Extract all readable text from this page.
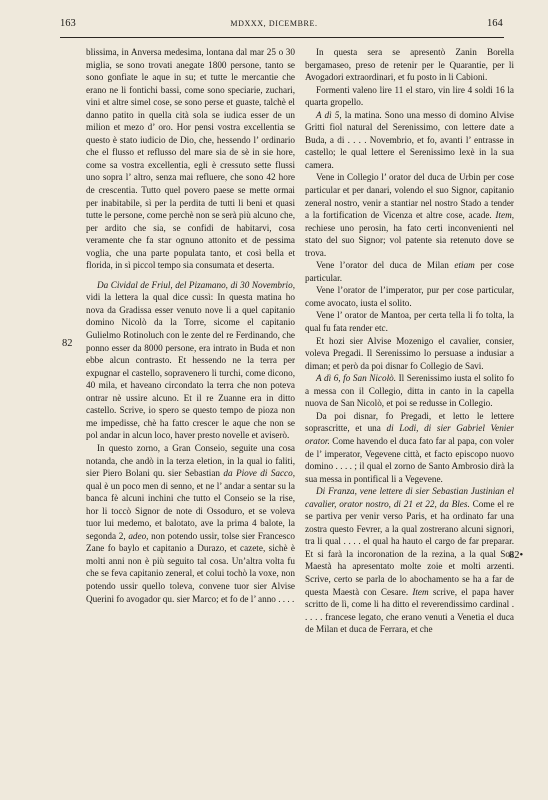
163	MDXXX, DICEMBRE.	164
82
82•

blissima, in Anversa medesima, lontana dal mar 25 o 30 miglia, se sono trovati anegate 1800 persone, tanto se sono gonfiate le aque in su; et tutte le mercantie che erano ne li fontichi bassi, come sono speciarie, zuchari, vini et altre simel cose, se sono perse et guaste, talchè el danno patito in quella cità sola se iudica esser de un milion et mezo d’ oro. Hor pensi vostra excellentia se questo è stato iudicio de Dio, che, hessendo l’ ordinario che el flusso et reflusso del mare sia de sè in sie hore, come sa vostra excellentia, egli è cressuto sette flussi uno sopra l’ altro, senza mai refluere, che sono 42 hore de crescentia. Tutto quel povero paese se mette ormai per inabitabile, sì per la perdita de tutti li beni et quasi tutte le persone, come perchè non se serà più alcuno che, per ardito che sia, se confidi de habitarvi, cosa veramente che fa star ognuno attonito et de pessima voglia, che una parte populata tanto, et così bella et florida, in sì piccol tempo sia consumata et deserta.

Da Cividal de Friul, del Pizamano, di 30 Novembrio, vidi la lettera la qual dice cussì: In questa matina ho nova da Gradissa esser venuto nove li a quel capitanio domino Nicolò da la Torre, sicome el capitanio Gulielmo Rotinoluch con le zente del re Ferdinando, che ponno esser da 8000 persone, era intrato in Buda et non ebbe alcun contrasto. Et hessendo ne la terra per expugnar el castello, sopravenero li turchi, come dicono, 40 mila, et haveano circondato la terra che non poteva ontrar nè ussire alcuno. Et il re Zuanne era in ditto castello. Scrive, io spero se questo tempo de pioza non me impedisse, chè ha fatto crescer le aque che non se pol andar in alcun loco, haver presto novelle et aviserò.

In questo zorno, a Gran Conseio, seguite una cosa notanda, che andò in la terza eletion, in la qual io faliti, sier Piero Bolani qu. sier Sebastian da Piove di Sacco, qual è un poco men di senno, et ne l’ andar a sentar su la banca fè alcuni inchini che tutto el Conseio se la rise, hor li toccò Signor de note di Ossoduro, et se voleva tuor lui medemo, et balotato, ave la prima 4 balote, la segonda 2, adeo, non potendo ussir, tolse sier Francesco Zane fo baylo et capitanio a Durazo, et cazete, sichè è molti anni non è più seguito tal cosa. Un’altra volta fu che se feva capitanio zeneral, et colui tochò la voxe, non potendo ussir quello toleva, convene tuor sier Alvise Querini fo avogador qu. sier Marco; et fo de l’ anno . . . .

In questa sera se apresentò Zanin Borella bergamaseo, preso de retenir per le Quarantie, per li Avogadori extraordinari, et fu posto in li Cabioni.

Formenti valeno lire 11 el staro, vin lire 4 soldi 16 la quarta gropello.

A dì 5, la matina. Sono una messo di domino Alvise Gritti fiol natural del Serenissimo, con lettere date a Buda, a di . . . . Novembrio, et fo, avanti l’ entrasse in castello; le qual lettere el Serenissimo lexè in la sua camera.

Vene in Collegio l’ orator del duca de Urbin per cose particular et per danari, volendo el suo Signor, capitanio zeneral nostro, venir a stantiar nel nostro Stado a tender a la fortification de Vicenza et altre cose, acade. Item, rechiese uno perosin, ha fato certi inconvenienti nel stato del suo Signor; vol patente sia retenuto dove se trova.

Vene l’orator del duca de Milan etiam per cose particular.

Vene l’orator de l’imperator, pur per cose particular, come avocato, iusta el solito.

Vene l’ orator de Mantoa, per certa tella li fo tolta, la qual fu fata render etc.

Et hozi sier Alvise Mozenigo el cavalier, consier, voleva Pregadi. Il Serenissimo lo persuase a indusiar a diman; et però da poi disnar fo Collegio de Savi.

A dì 6, fo San Nicolò. Il Serenissimo iusta el solito fo a messa con il Collegio, ditta in canto in la capella nuova de San Nicolò, et poi se redusse in Collegio.

Da poi disnar, fo Pregadi, et letto le lettere soprascritte, et una di Lodi, di sier Gabriel Venier orator. Come havendo el duca fato far al papa, con voler de l’ imperator, Vegevene città, et facto episcopo nuovo domino . . . . ; il qual el zorno de Santo Ambrosio dirà la sua messa in pontifical li a Vegevene.

Di Franza, vene lettere di sier Sebastian Justinian el cavalier, orator nostro, di 21 et 22, da Bles. Come el re se partiva per venir verso Paris, et ha ordinato far una zostra questo Fevrer, a la qual zostrerano alcuni signori, tra li qual . . . . el qual ha hauto el cargo de far preparar. Et si farà la incoronation de la rezina, a la qual Soa Maestà ha apresentato molte zoie et molti arzenti. Scrive, certo se parla de lo abochamento se ha a far de questa Maestà con Cesare. Item scrive, el papa haver scritto de lì, come li ha ditto el reverendissimo cardinal . . . . . francese legato, che erano venuti a Venetia el duca de Milan et duca de Ferrara, et che
